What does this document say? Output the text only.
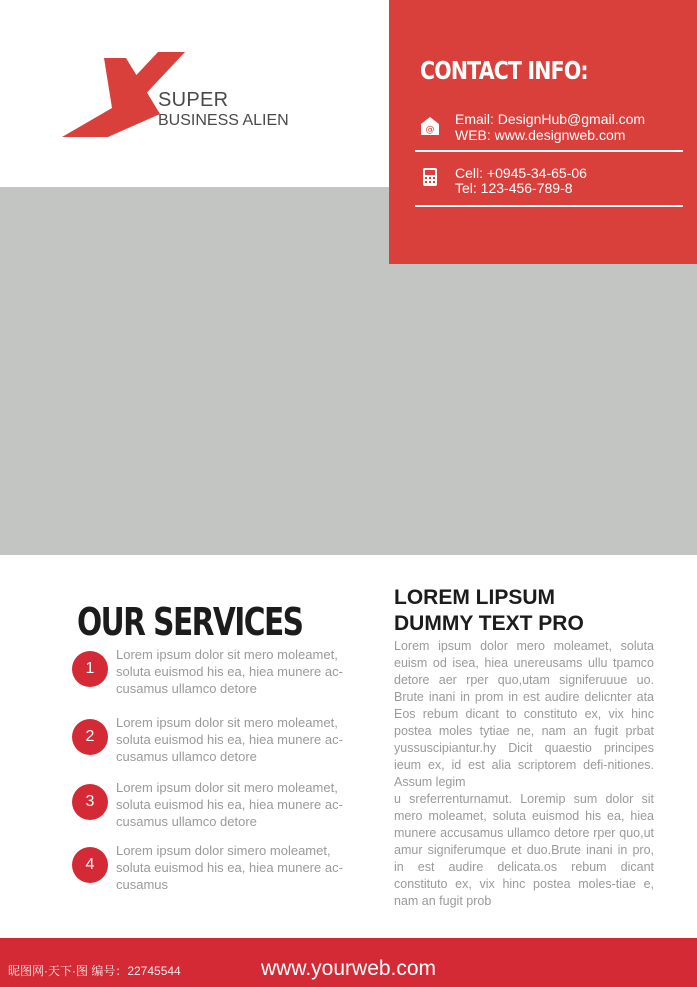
SUPER
BUSINESS ALIEN
CONTACT INFO:
@
Email: DesignHub@gmail.com
WEB: www.designweb.com
Cell: +0945-34-65-06
Tel: 123-456-789-8
OUR SERVICES
1
Lorem ipsum dolor sit mero moleamet, soluta euismod his ea, hiea munere ac-cusamus ullamco detore
2
Lorem ipsum dolor sit mero moleamet, soluta euismod his ea, hiea munere ac-cusamus ullamco detore
3
Lorem ipsum dolor sit mero moleamet, soluta euismod his ea, hiea munere ac-cusamus ullamco detore
4
Lorem ipsum dolor simero moleamet, soluta euismod his ea, hiea munere ac-cusamus
LOREM LIPSUM
DUMMY TEXT PRO

Lorem ipsum dolor mero moleamet, soluta euism od isea, hiea unereusams ullu tpamco detore aer rper quo,utam signiferuuue uo. Brute inani in prom in est audire delicnter ata Eos rebum dicant to constituto ex, vix hinc postea moles tytiae ne, nam an fugit prbat yussuscipiantur.hy Dicit quaestio principes ieum ex, id est alia scriptorem defi-nitiones. Assum legim

u sreferrenturnamut. Loremip sum dolor sit mero moleamet, soluta euismod his ea, hiea munere accusamus ullamco detore rper quo,ut amur signiferumque et duo.Brute inani in pro, in est audire delicata.os rebum dicant constituto ex, vix hinc postea moles-tiae e, nam an fugit prob

昵图网·天下·图 编号：22745544	www.yourweb.com
